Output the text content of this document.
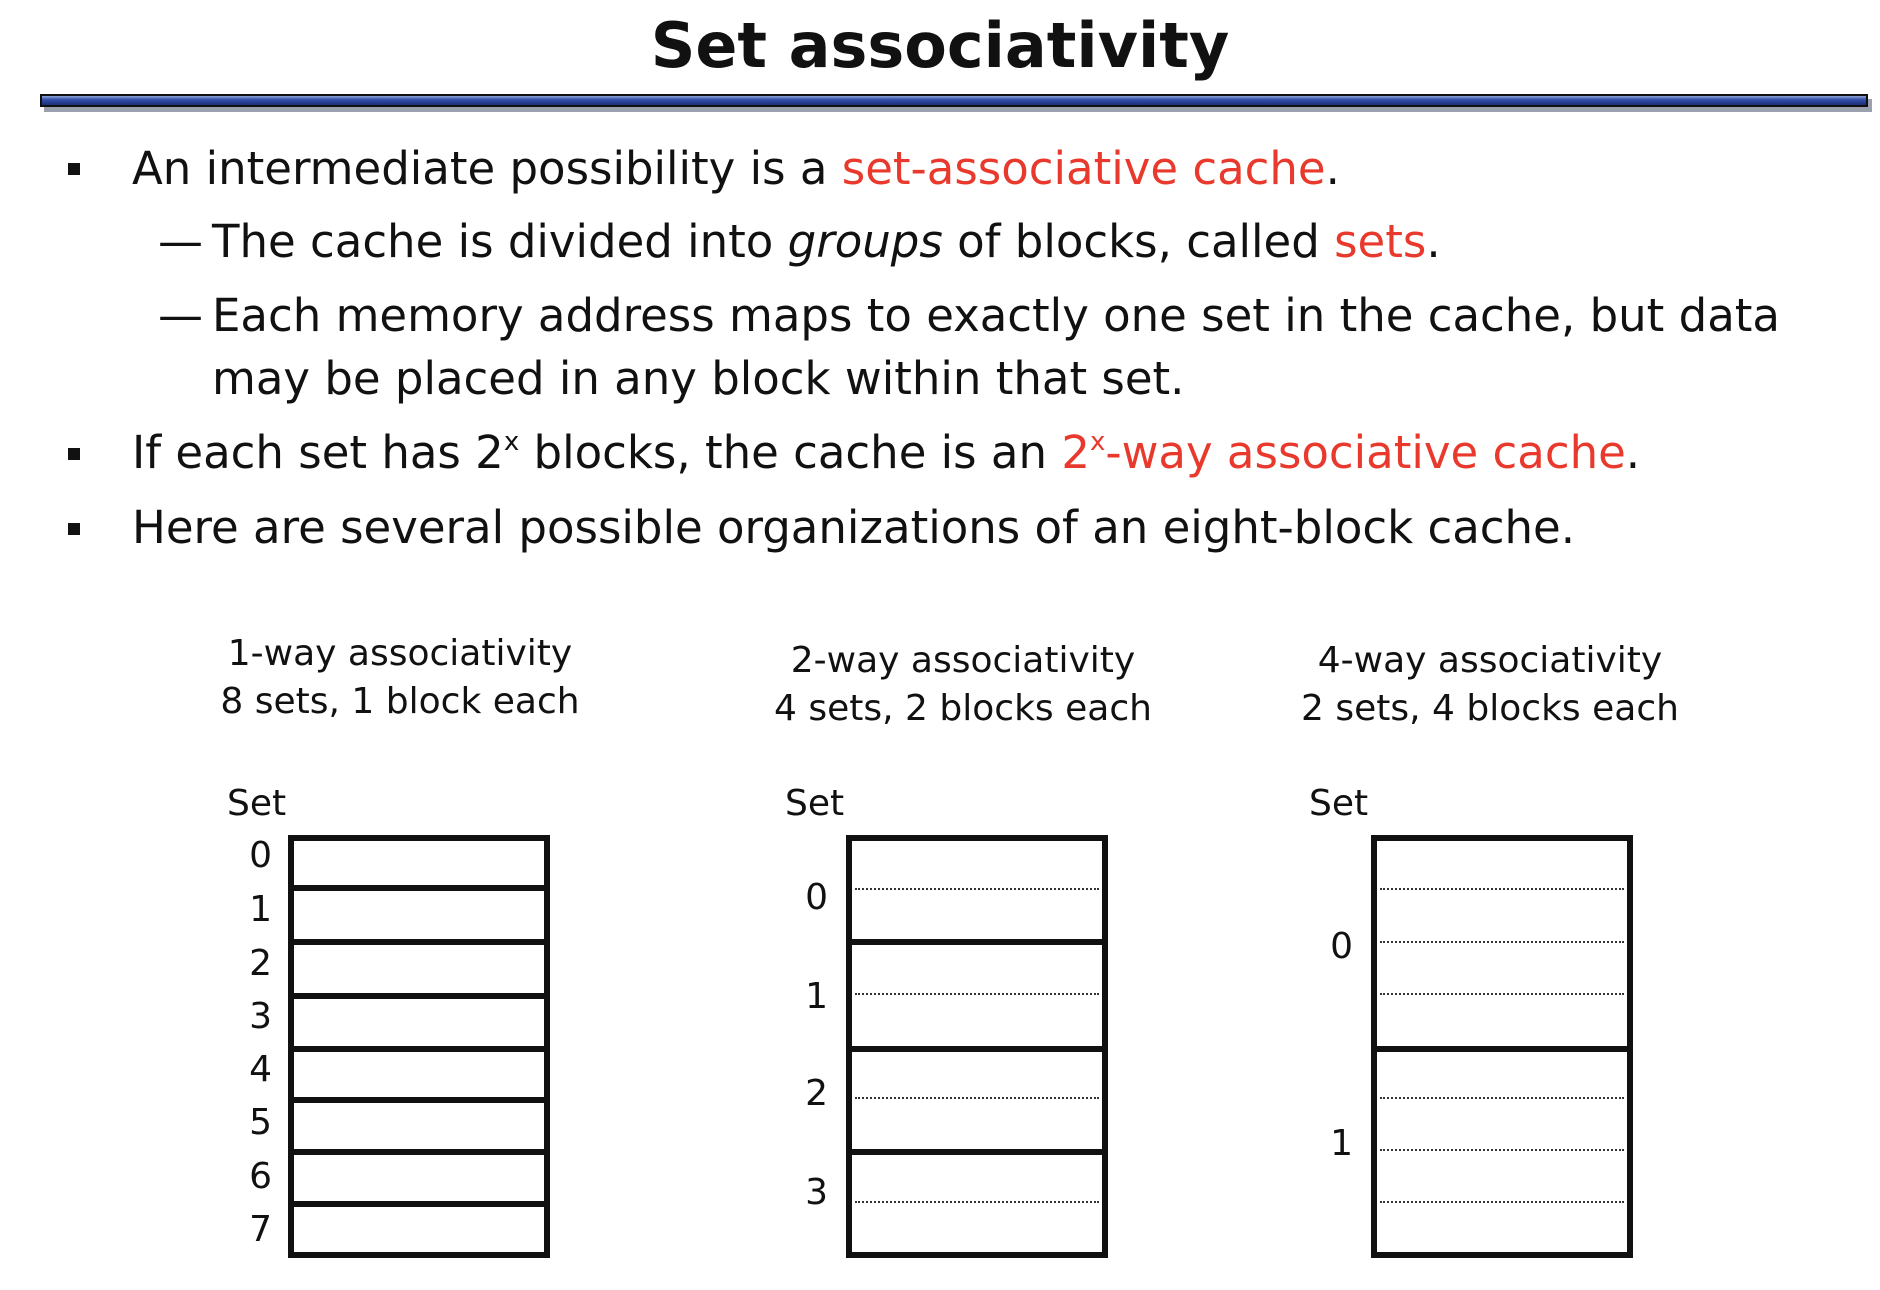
Set associativity
An intermediate possibility is a set-associative cache.
— The cache is divided into groups of blocks, called sets.
— Each memory address maps to exactly one set in the cache, but data
may be placed in any block within that set.
If each set has 2$^x$ blocks, the cache is an 2$^x$-way associative cache.
Here are several possible organizations of an eight-block cache.
1-way associativity
8 sets, 1 block each
Set
0
1
2
3
4
5
6
7
2-way associativity
4 sets, 2 blocks each
Set
0
1
2
3
4-way associativity
2 sets, 4 blocks each
Set
0
1
